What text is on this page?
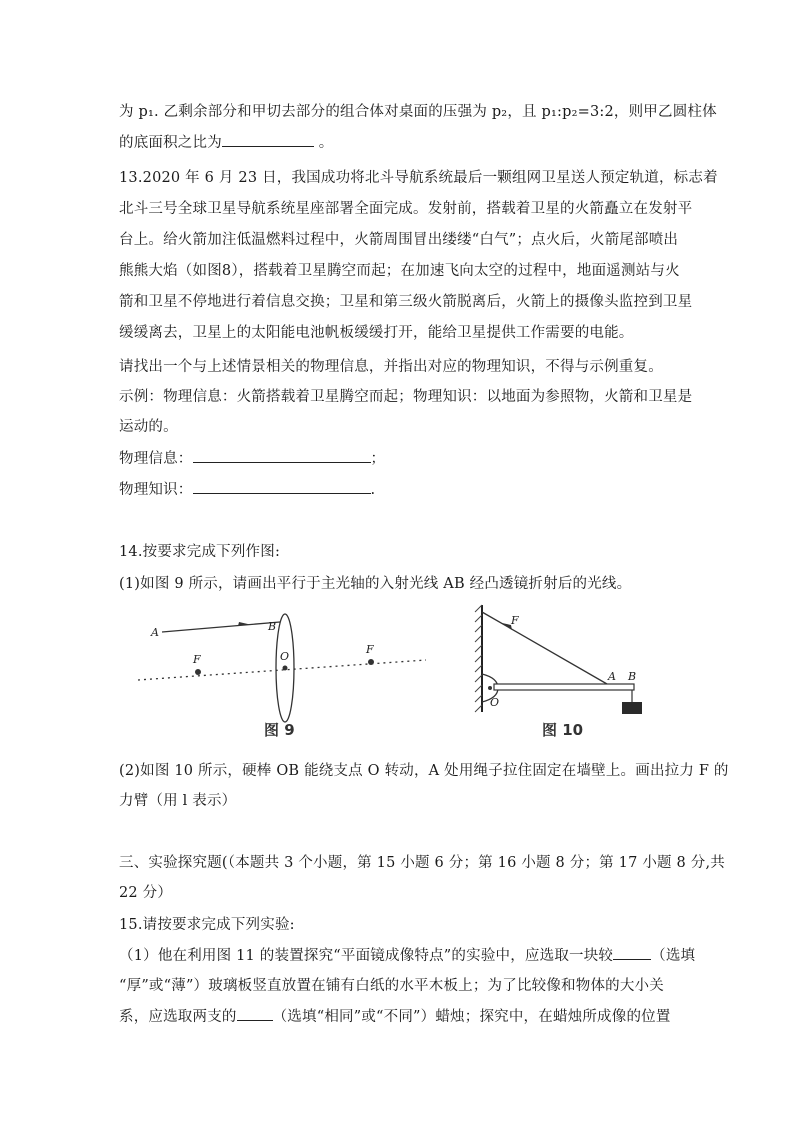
为 p₁. 乙剩余部分和甲切去部分的组合体对桌面的压强为 p₂，且 p₁:p₂=3:2，则甲乙圆柱体
的底面积之比为	。
13.2020 年 6 月 23 日，我国成功将北斗导航系统最后一颗组网卫星送人预定轨道，标志着
北斗三号全球卫星导航系统星座部署全面完成。发射前，搭载着卫星的火箭矗立在发射平
台上。给火箭加注低温燃料过程中，火箭周围冒出缕缕“白气”；点火后，火箭尾部喷出
熊熊大焰（如图8），搭载着卫星腾空而起；在加速飞向太空的过程中，地面遥测站与火
箭和卫星不停地进行着信息交换；卫星和第三级火箭脱离后，火箭上的摄像头监控到卫星
缓缓离去，卫星上的太阳能电池帆板缓缓打开，能给卫星提供工作需要的电能。
请找出一个与上述情景相关的物理信息，并指出对应的物理知识，不得与示例重复。
示例：物理信息：火箭搭载着卫星腾空而起；物理知识：以地面为参照物，火箭和卫星是
运动的。
物理信息：	；
物理知识：	.
14.按要求完成下列作图:
(1)如图 9 所示，请画出平行于主光轴的入射光线 AB 经凸透镜折射后的光线。
A	B
O
F
F
图 9
F
A B
O
图 10
(2)如图 10 所示，硬棒 OB 能绕支点 O 转动，A 处用绳子拉住固定在墙壁上。画出拉力 F 的
力臂（用 l 表示）
三、实验探究题(（本题共 3 个小题，第 15 小题 6 分；第 16 小题 8 分；第 17 小题 8 分,共
22 分）
15.请按要求完成下列实验:
（1）他在利用图 11 的装置探究“平面镜成像特点”的实验中，应选取一块较	（选填
“厚”或“薄”）玻璃板竖直放置在铺有白纸的水平木板上；为了比较像和物体的大小关
系，应选取两支的 （选填“相同”或“不同”）蜡烛；探究中，在蜡烛所成像的位置
